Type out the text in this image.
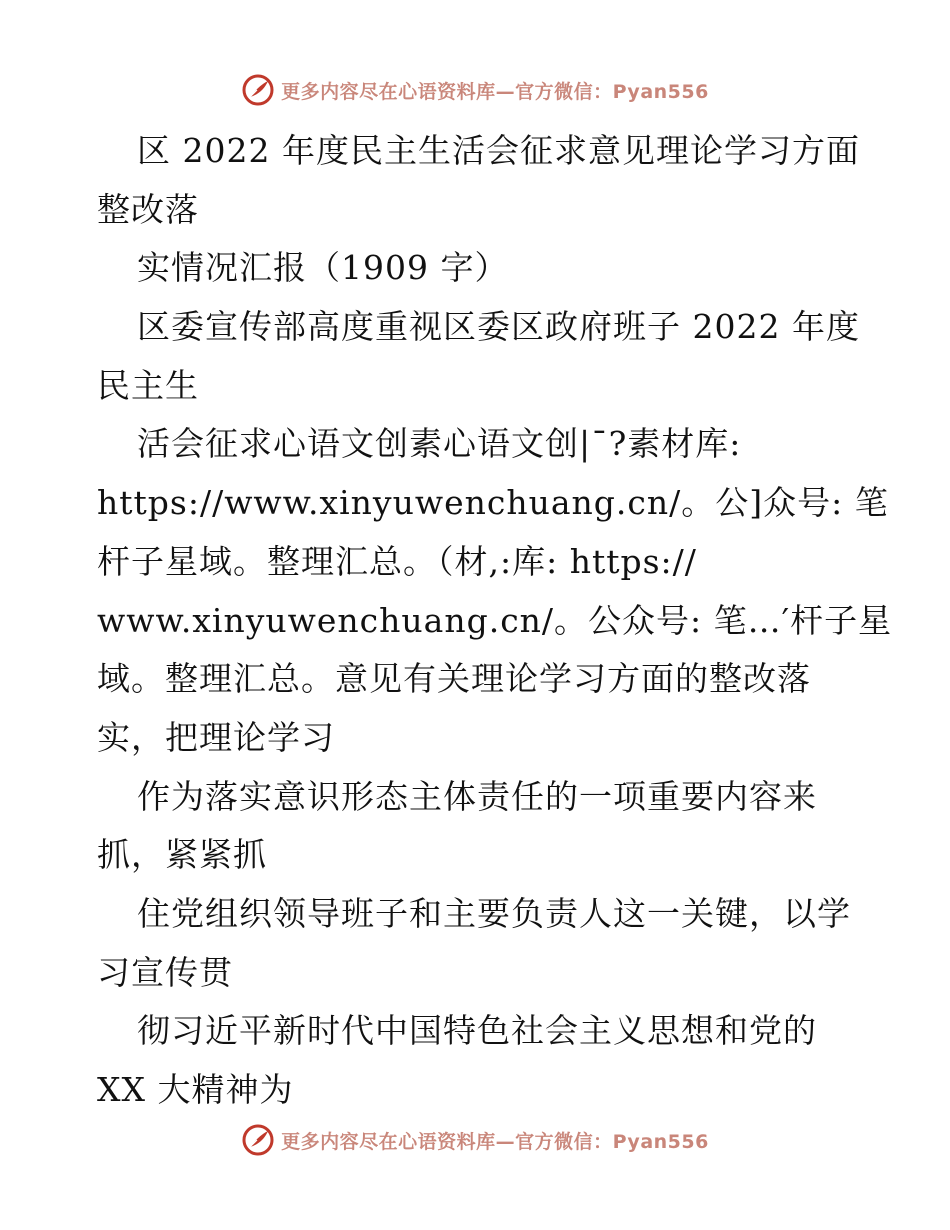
更多内容尽在心语资料库—官方微信：Pyan556
区 2022 年度民主生活会征求意见理论学习方面
整改落
实情况汇报（1909 字）
区委宣传部高度重视区委区政府班子 2022 年度
民主生
活会征求心语文创素心语文创|¯?素材库:
https://www.xinyuwenchuang.cn/。公]众号: 笔
杆子星域。整理汇总。（材,:库: https://
www.xinyuwenchuang.cn/。公众号: 笔…′杆子星
域。整理汇总。意见有关理论学习方面的整改落
实，把理论学习
作为落实意识形态主体责任的一项重要内容来
抓，紧紧抓
住党组织领导班子和主要负责人这一关键，以学
习宣传贯
彻习近平新时代中国特色社会主义思想和党的
XX 大精神为
更多内容尽在心语资料库—官方微信：Pyan556
